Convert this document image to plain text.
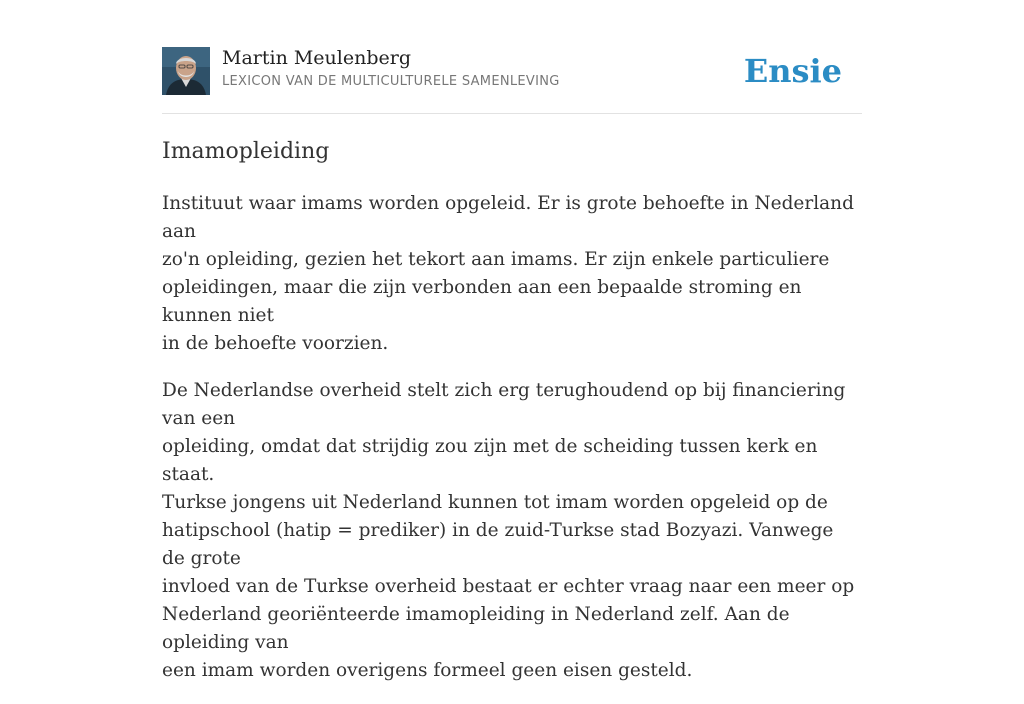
Martin Meulenberg
LEXICON VAN DE MULTICULTURELE SAMENLEVING	Ensie
Imamopleiding

Instituut waar imams worden opgeleid. Er is grote behoefte in Nederland aan
zo'n opleiding, gezien het tekort aan imams. Er zijn enkele particuliere
opleidingen, maar die zijn verbonden aan een bepaalde stroming en kunnen niet
in de behoefte voorzien.

De Nederlandse overheid stelt zich erg terughoudend op bij financiering van een
opleiding, omdat dat strijdig zou zijn met de scheiding tussen kerk en staat.
Turkse jongens uit Nederland kunnen tot imam worden opgeleid op de
hatipschool (hatip = prediker) in de zuid-Turkse stad Bozyazi. Vanwege de grote
invloed van de Turkse overheid bestaat er echter vraag naar een meer op
Nederland georiënteerde imamopleiding in Nederland zelf. Aan de opleiding van
een imam worden overigens formeel geen eisen gesteld.
